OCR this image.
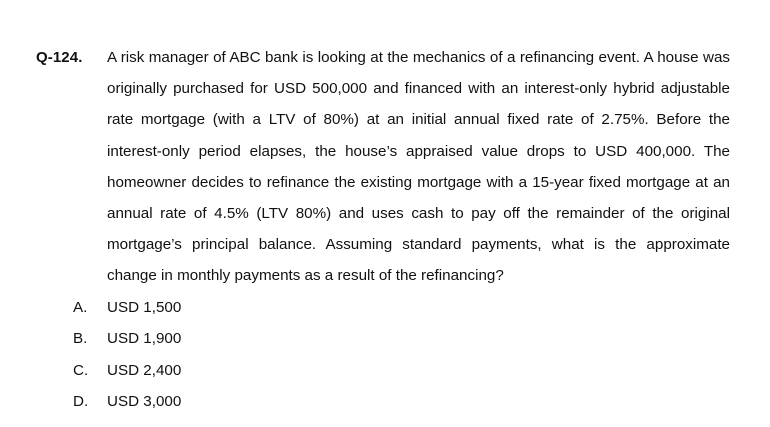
Q-124. A risk manager of ABC bank is looking at the mechanics of a refinancing event. A house was originally purchased for USD 500,000 and financed with an interest-only hybrid adjustable rate mortgage (with a LTV of 80%) at an initial annual fixed rate of 2.75%. Before the interest-only period elapses, the house’s appraised value drops to USD 400,000. The homeowner decides to refinance the existing mortgage with a 15-year fixed mortgage at an annual rate of 4.5% (LTV 80%) and uses cash to pay off the remainder of the original mortgage’s principal balance. Assuming standard payments, what is the approximate change in monthly payments as a result of the refinancing?

A. USD 1,500
B. USD 1,900
C. USD 2,400
D. USD 3,000
